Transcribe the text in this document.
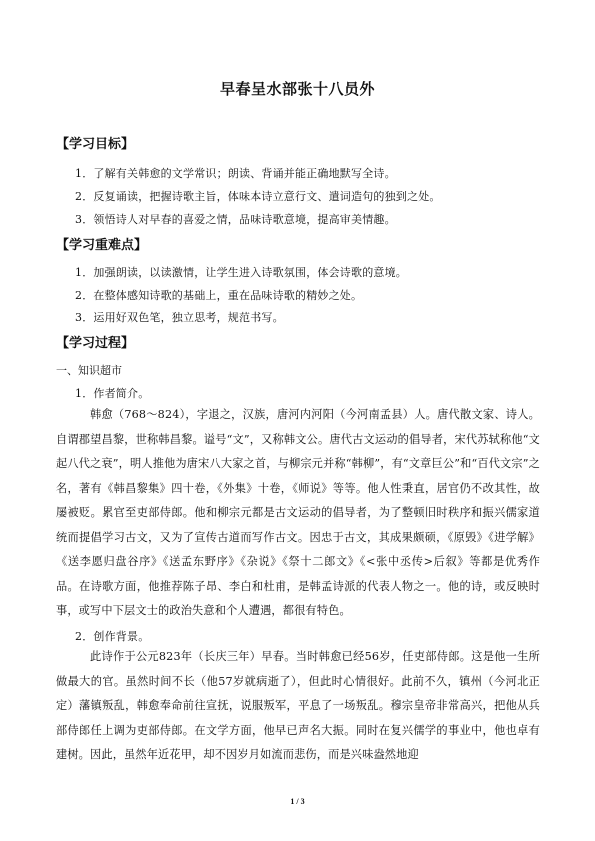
早春呈水部张十八员外
【学习目标】
1．了解有关韩愈的文学常识；朗读、背诵并能正确地默写全诗。
2．反复诵读，把握诗歌主旨，体味本诗立意行文、遣词造句的独到之处。
3．领悟诗人对早春的喜爱之情，品味诗歌意境，提高审美情趣。
【学习重难点】
1．加强朗读，以读激情，让学生进入诗歌氛围，体会诗歌的意境。
2．在整体感知诗歌的基础上，重在品味诗歌的精妙之处。
3．运用好双色笔，独立思考，规范书写。
【学习过程】
一、知识超市
1．作者简介。

韩愈（768～824），字退之，汉族，唐河内河阳（今河南孟县）人。唐代散文家、诗人。自谓郡望昌黎，世称韩昌黎。谥号“文”，又称韩文公。唐代古文运动的倡导者，宋代苏轼称他“文起八代之衰”，明人推他为唐宋八大家之首，与柳宗元并称“韩柳”，有“文章巨公”和“百代文宗”之名，著有《韩昌黎集》四十卷，《外集》十卷，《师说》等等。他人性秉直，居官仍不改其性，故屡被贬。累官至吏部侍郎。他和柳宗元都是古文运动的倡导者，为了整顿旧时秩序和振兴儒家道统而提倡学习古文，又为了宣传古道而写作古文。因忠于古文，其成果颇硕，《原毁》《进学解》《送李愿归盘谷序》《送孟东野序》《杂说》《祭十二郎文》《<张中丞传>后叙》等都是优秀作品。在诗歌方面，他推荐陈子昂、李白和杜甫，是韩孟诗派的代表人物之一。他的诗，或反映时事，或写中下层文士的政治失意和个人遭遇，都很有特色。

2．创作背景。

此诗作于公元823年（长庆三年）早春。当时韩愈已经56岁，任吏部侍郎。这是他一生所做最大的官。虽然时间不长（他57岁就病逝了），但此时心情很好。此前不久，镇州（今河北正定）藩镇叛乱，韩愈奉命前往宣抚，说服叛军，平息了一场叛乱。穆宗皇帝非常高兴，把他从兵部侍郎任上调为吏部侍郎。在文学方面，他早已声名大振。同时在复兴儒学的事业中，他也卓有建树。因此，虽然年近花甲，却不因岁月如流而悲伤，而是兴味盎然地迎

1 / 3
